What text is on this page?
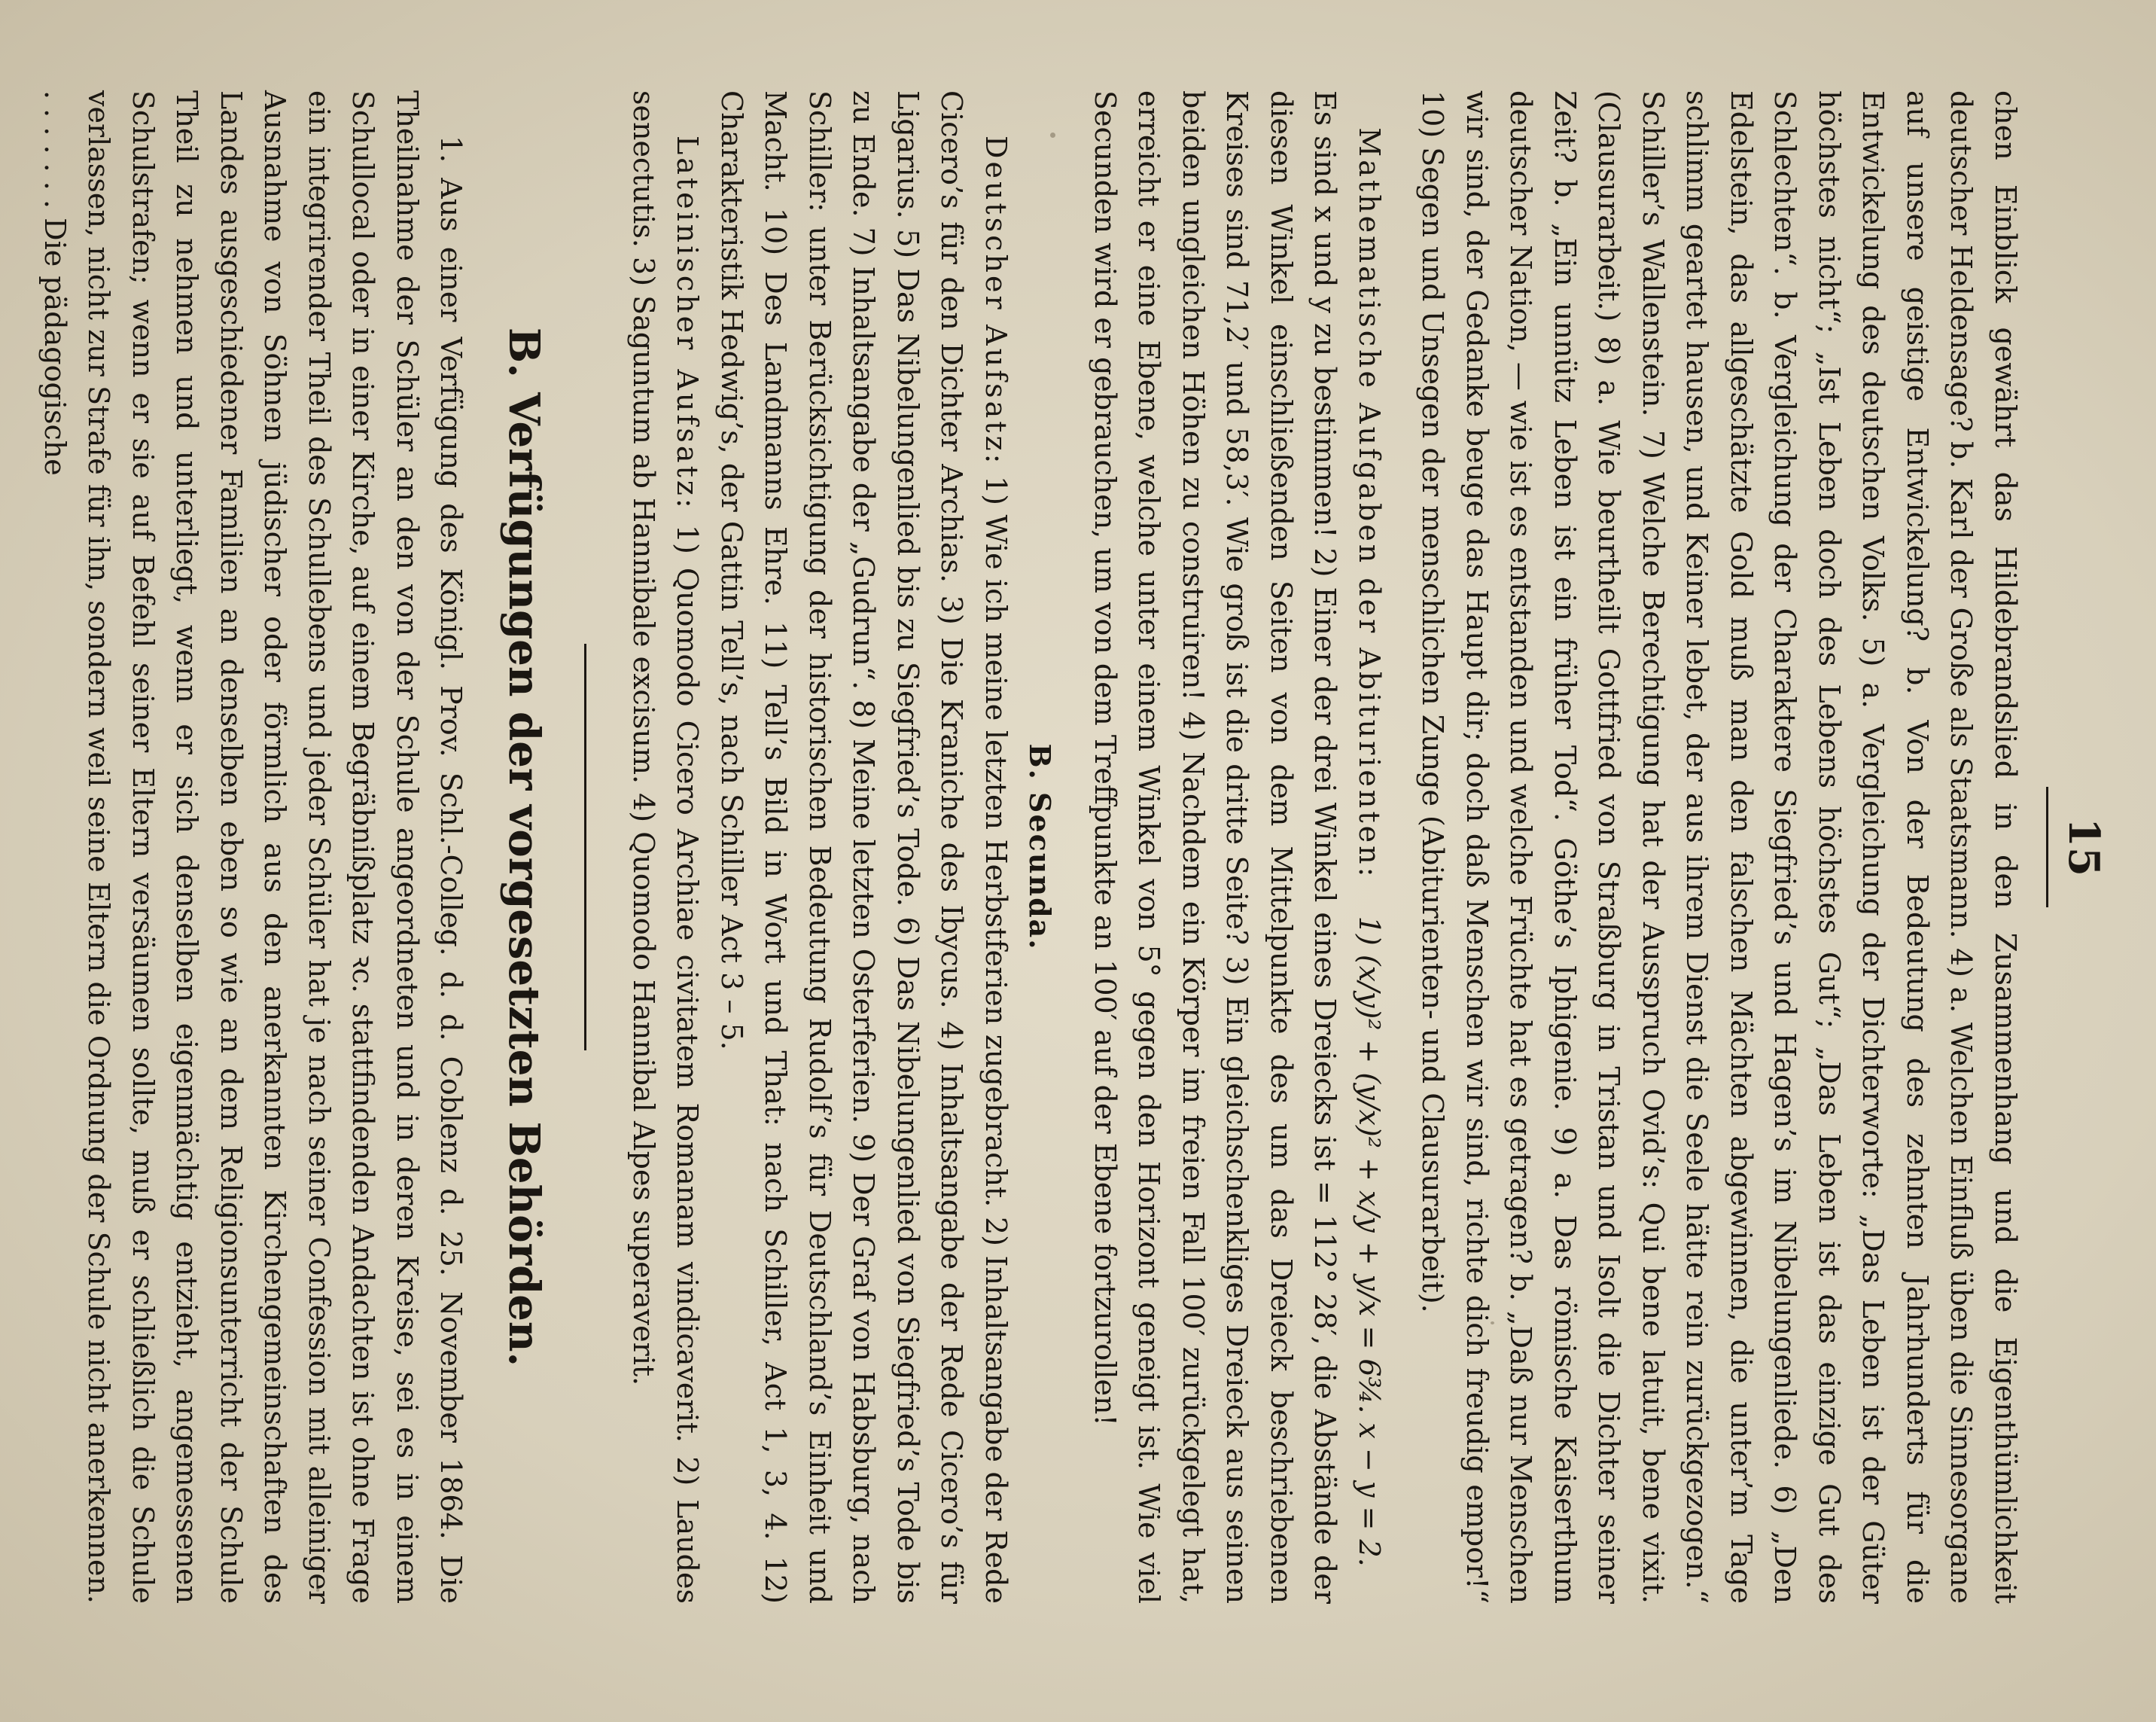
15

chen Einblick gewährt das Hildebrandslied in den Zusammenhang und die Eigenthümlichkeit deutscher Heldensage? b. Karl der Große als Staatsmann. 4) a. Welchen Einfluß üben die Sinnesorgane auf unsere geistige Entwickelung? b. Von der Bedeutung des zehnten Jahrhunderts für die Entwickelung des deutschen Volks. 5) a. Vergleichung der Dichterworte: „Das Leben ist der Güter höchstes nicht“; „Ist Leben doch des Lebens höchstes Gut“; „Das Leben ist das einzige Gut des Schlechten“. b. Vergleichung der Charaktere Siegfried’s und Hagen’s im Nibelungenliede. 6) „Den Edelstein, das allgeschätzte Gold muß man den falschen Mächten abgewinnen, die unter’m Tage schlimm geartet hausen, und Keiner lebet, der aus ihrem Dienst die Seele hätte rein zurückgezogen.“ Schiller’s Wallenstein. 7) Welche Berechtigung hat der Ausspruch Ovid’s: Qui bene latuit, bene vixit. (Clausurarbeit.) 8) a. Wie beurtheilt Gottfried von Straßburg in Tristan und Isolt die Dichter seiner Zeit? b. „Ein unnütz Leben ist ein früher Tod“. Göthe’s Iphigenie. 9) a. Das römische Kaiserthum deutscher Nation, — wie ist es entstanden und welche Früchte hat es getragen? b. „Daß nur Menschen wir sind, der Gedanke beuge das Haupt dir; doch daß Menschen wir sind, richte dich freudig empor!“ 10) Segen und Unsegen der menschlichen Zunge (Abiturienten- und Clausurarbeit).

Mathematische Aufgaben der Abiturienten:    1) (x/y)² + (y/x)² + x/y + y/x = 6¾. x − y = 2.

Es sind x und y zu bestimmen! 2) Einer der drei Winkel eines Dreiecks ist = 112° 28′, die Abstände der diesen Winkel einschließenden Seiten von dem Mittelpunkte des um das Dreieck beschriebenen Kreises sind 71,2′ und 58,3′. Wie groß ist die dritte Seite? 3) Ein gleichschenkliges Dreieck aus seinen beiden ungleichen Höhen zu construiren! 4) Nachdem ein Körper im freien Fall 100′ zurückgelegt hat, erreicht er eine Ebene, welche unter einem Winkel von 5° gegen den Horizont geneigt ist. Wie viel Secunden wird er gebrauchen, um von dem Treffpunkte an 100′ auf der Ebene fortzurollen!

B. Secunda.

Deutscher Aufsatz: 1) Wie ich meine letzten Herbstferien zugebracht. 2) Inhaltsangabe der Rede Cicero’s für den Dichter Archias. 3) Die Kraniche des Ibycus. 4) Inhaltsangabe der Rede Cicero’s für Ligarius. 5) Das Nibelungenlied bis zu Siegfried’s Tode. 6) Das Nibelungenlied von Siegfried’s Tode bis zu Ende. 7) Inhaltsangabe der „Gudrun“. 8) Meine letzten Osterferien. 9) Der Graf von Habsburg, nach Schiller: unter Berücksichtigung der historischen Bedeutung Rudolf’s für Deutschland’s Einheit und Macht. 10) Des Landmanns Ehre. 11) Tell’s Bild in Wort und That: nach Schiller, Act 1, 3, 4. 12) Charakteristik Hedwig’s, der Gattin Tell’s, nach Schiller Act 3 – 5.

Lateinischer Aufsatz: 1) Quomodo Cicero Archiae civitatem Romanam vindicaverit. 2) Laudes senectutis. 3) Saguntum ab Hannibale excisum. 4) Quomodo Hannibal Alpes superaverit.

B. Verfügungen der vorgesetzten Behörden.

1. Aus einer Verfügung des Königl. Prov. Schl.-Colleg. d. d. Coblenz d. 25. November 1864. Die Theilnahme der Schüler an den von der Schule angeordneten und in deren Kreise, sei es in einem Schullocal oder in einer Kirche, auf einem Begräbnißplatz ꝛc. stattfindenden Andachten ist ohne Frage ein integrirender Theil des Schullebens und jeder Schüler hat je nach seiner Confession mit alleiniger Ausnahme von Söhnen jüdischer oder förmlich aus den anerkannten Kirchengemeinschaften des Landes ausgeschiedener Familien an denselben eben so wie an dem Religionsunterricht der Schule Theil zu nehmen und unterliegt, wenn er sich denselben eigenmächtig entzieht, angemessenen Schulstrafen; wenn er sie auf Befehl seiner Eltern versäumen sollte, muß er schließlich die Schule verlassen, nicht zur Strafe für ihn, sondern weil seine Eltern die Ordnung der Schule nicht anerkennen. . . . . . . . Die pädagogische
